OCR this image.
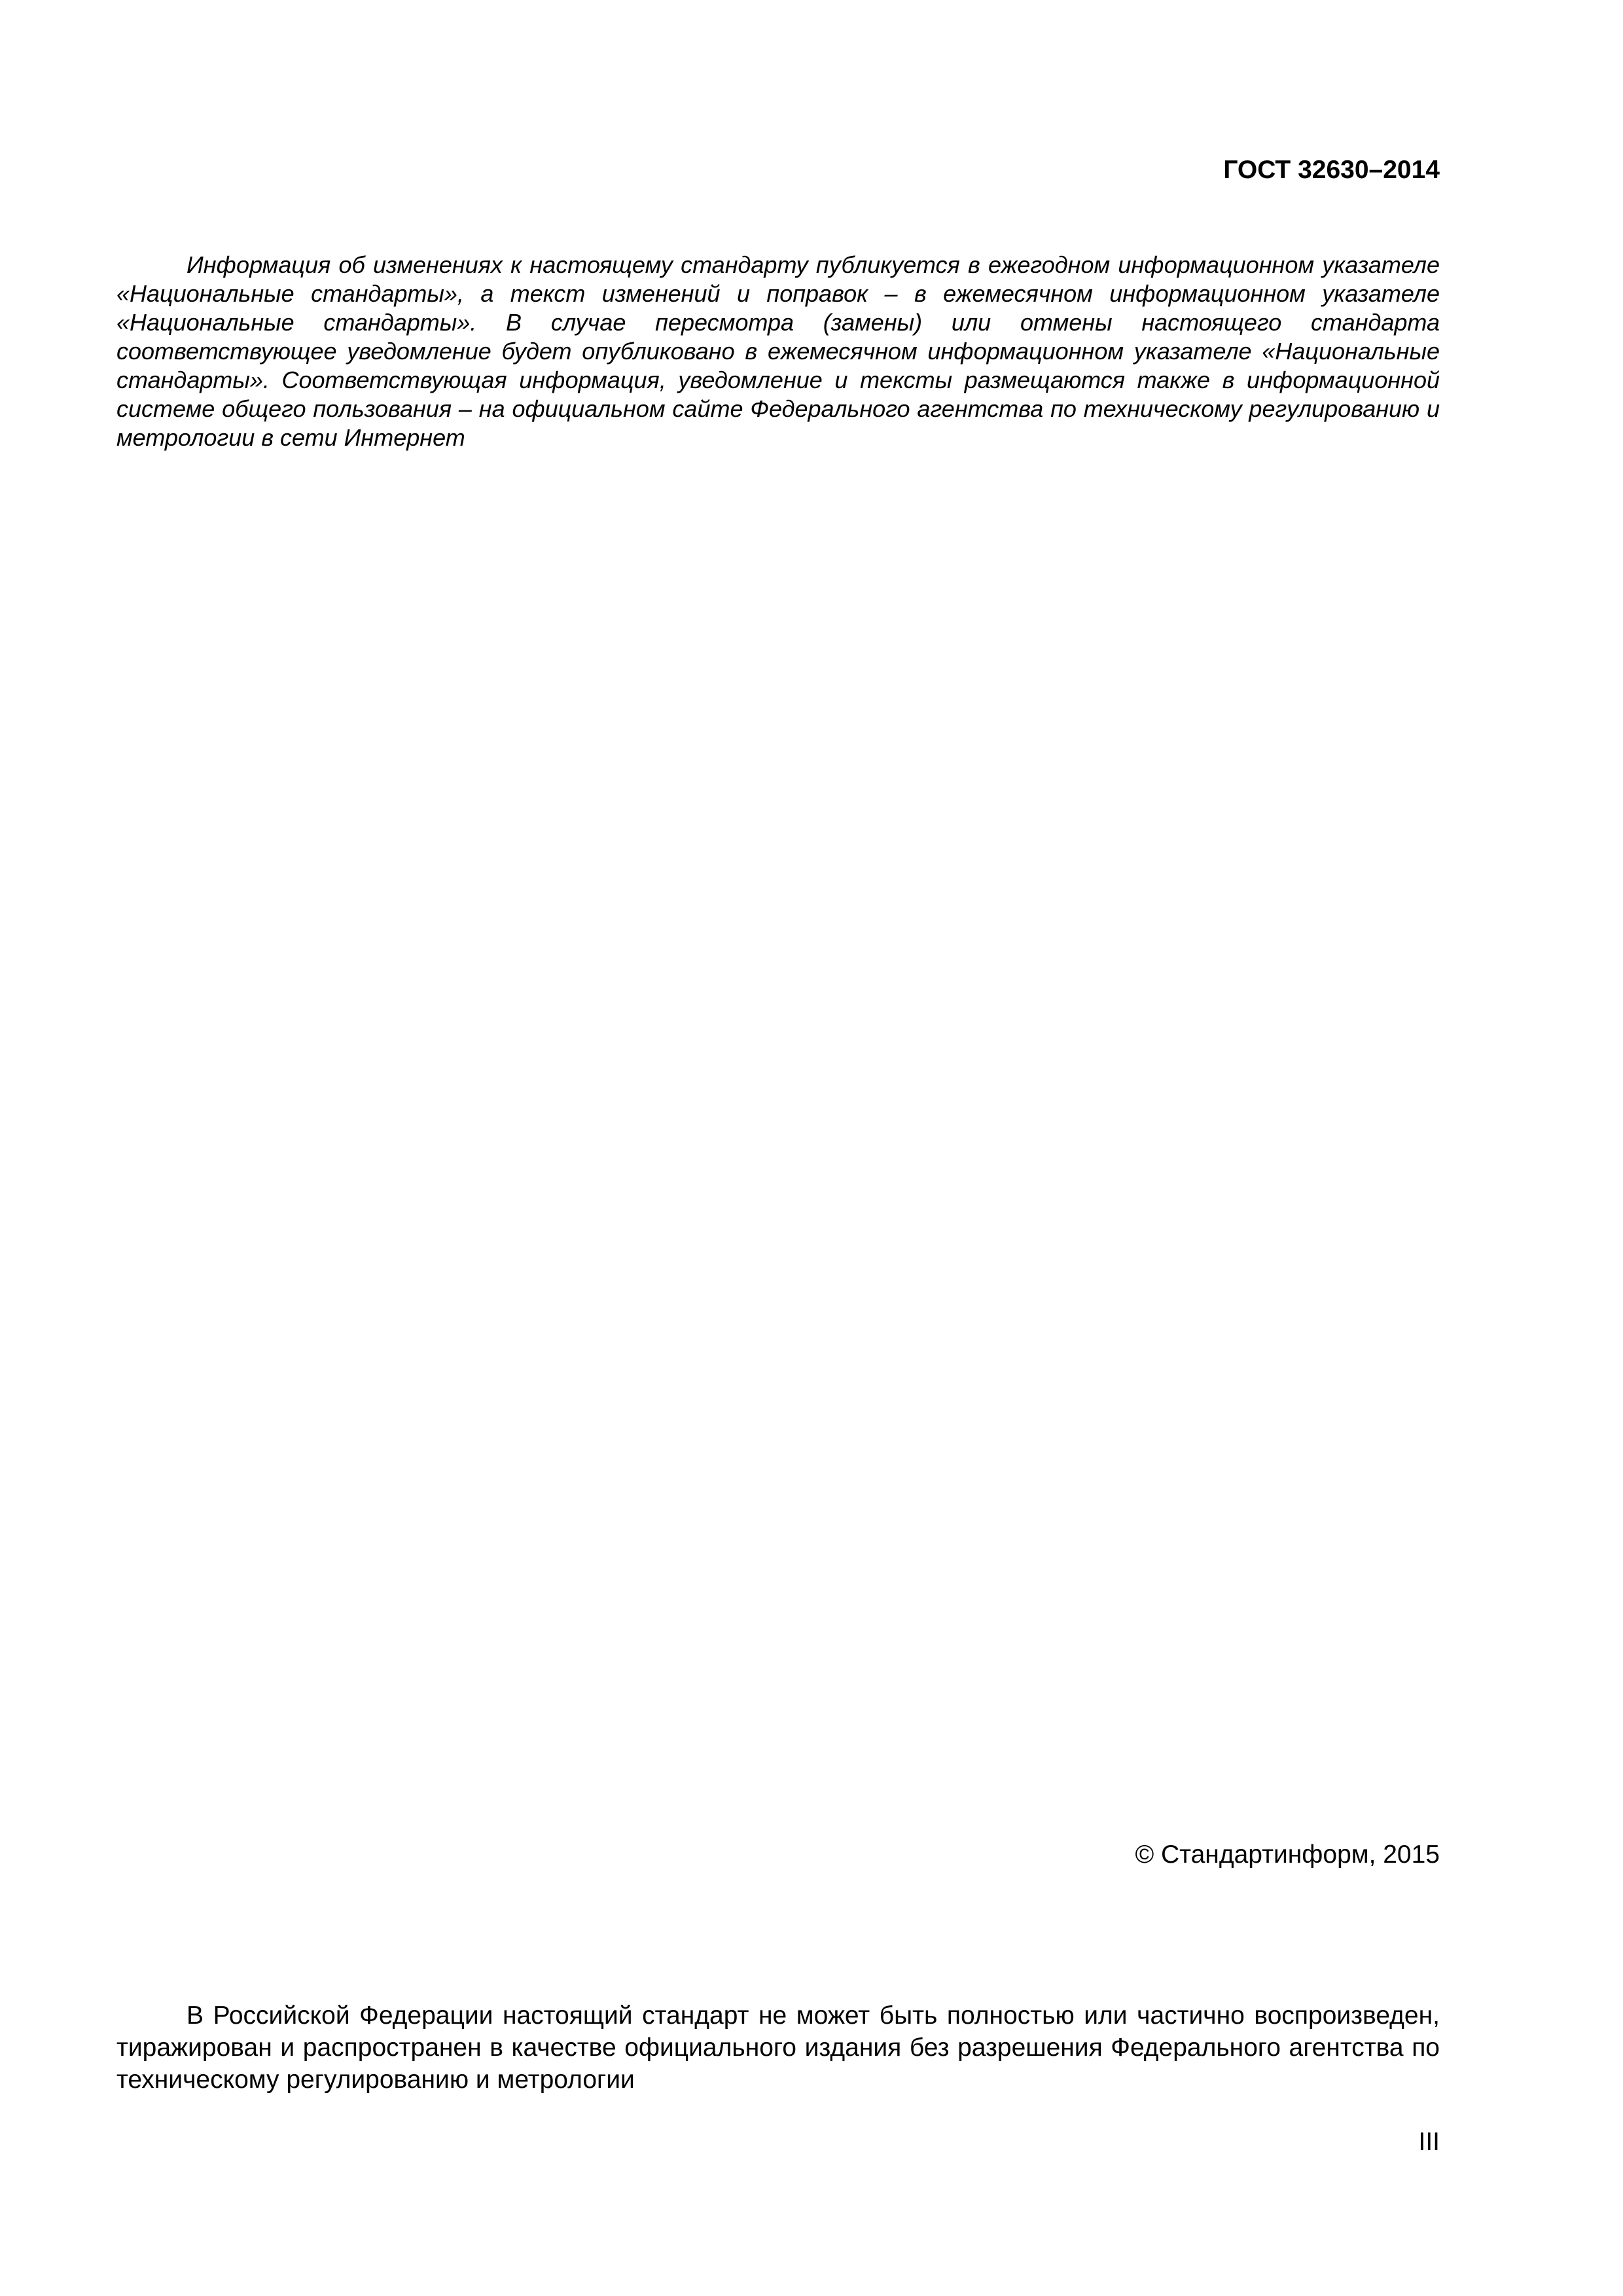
ГОСТ 32630–2014

Информация об изменениях к настоящему стандарту публикуется в ежегодном информационном указателе «Национальные стандарты», а текст изменений и поправок – в ежемесячном информационном указателе «Национальные стандарты». В случае пересмотра (замены) или отмены настоящего стандарта соответствующее уведомление будет опубликовано в ежемесячном информационном указателе «Национальные стандарты». Соответствующая информация, уведомление и тексты размещаются также в информационной системе общего пользования – на официальном сайте Федерального агентства по техническому регулированию и метрологии в сети Интернет

© Стандартинформ, 2015

В Российской Федерации настоящий стандарт не может быть полностью или частично воспроизведен, тиражирован и распространен в качестве официального издания без разрешения Федерального агентства по техническому регулированию и метрологии

III
